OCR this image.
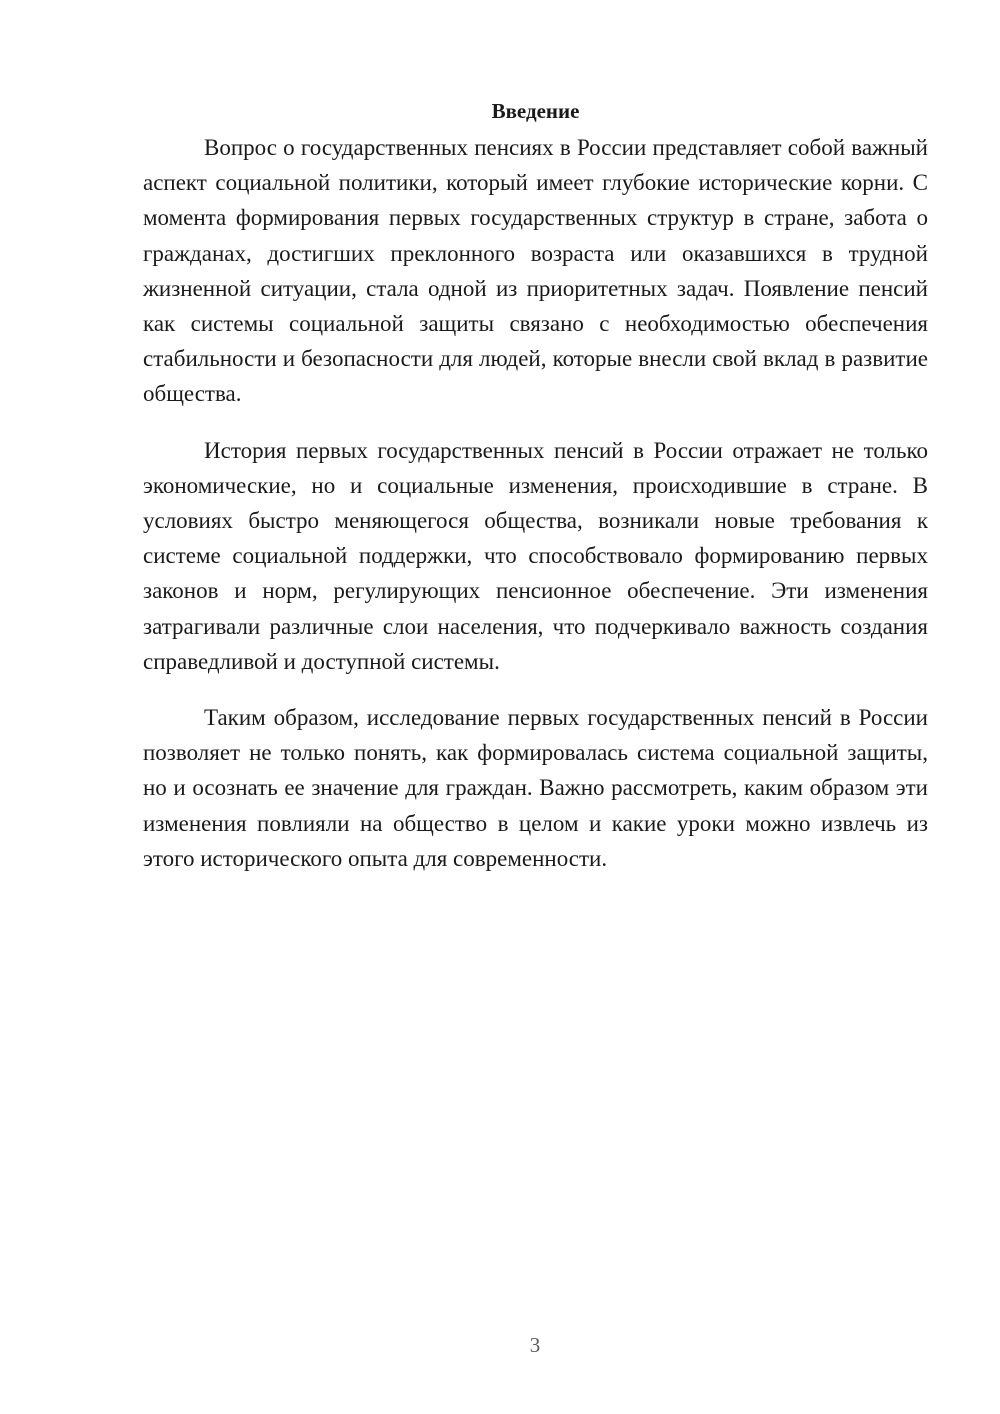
Введение

Вопрос о государственных пенсиях в России представляет собой важный аспект социальной политики, который имеет глубокие исторические корни. С момента формирования первых государственных структур в стране, забота о гражданах, достигших преклонного возраста или оказавшихся в трудной жизненной ситуации, стала одной из приоритетных задач. Появление пенсий как системы социальной защиты связано с необходимостью обеспечения стабильности и безопасности для людей, которые внесли свой вклад в развитие общества.

История первых государственных пенсий в России отражает не только экономические, но и социальные изменения, происходившие в стране. В условиях быстро меняющегося общества, возникали новые требования к системе социальной поддержки, что способствовало формированию первых законов и норм, регулирующих пенсионное обеспечение. Эти изменения затрагивали различные слои населения, что подчеркивало важность создания справедливой и доступной системы.

Таким образом, исследование первых государственных пенсий в России позволяет не только понять, как формировалась система социальной защиты, но и осознать ее значение для граждан. Важно рассмотреть, каким образом эти изменения повлияли на общество в целом и какие уроки можно извлечь из этого исторического опыта для современности.

3
